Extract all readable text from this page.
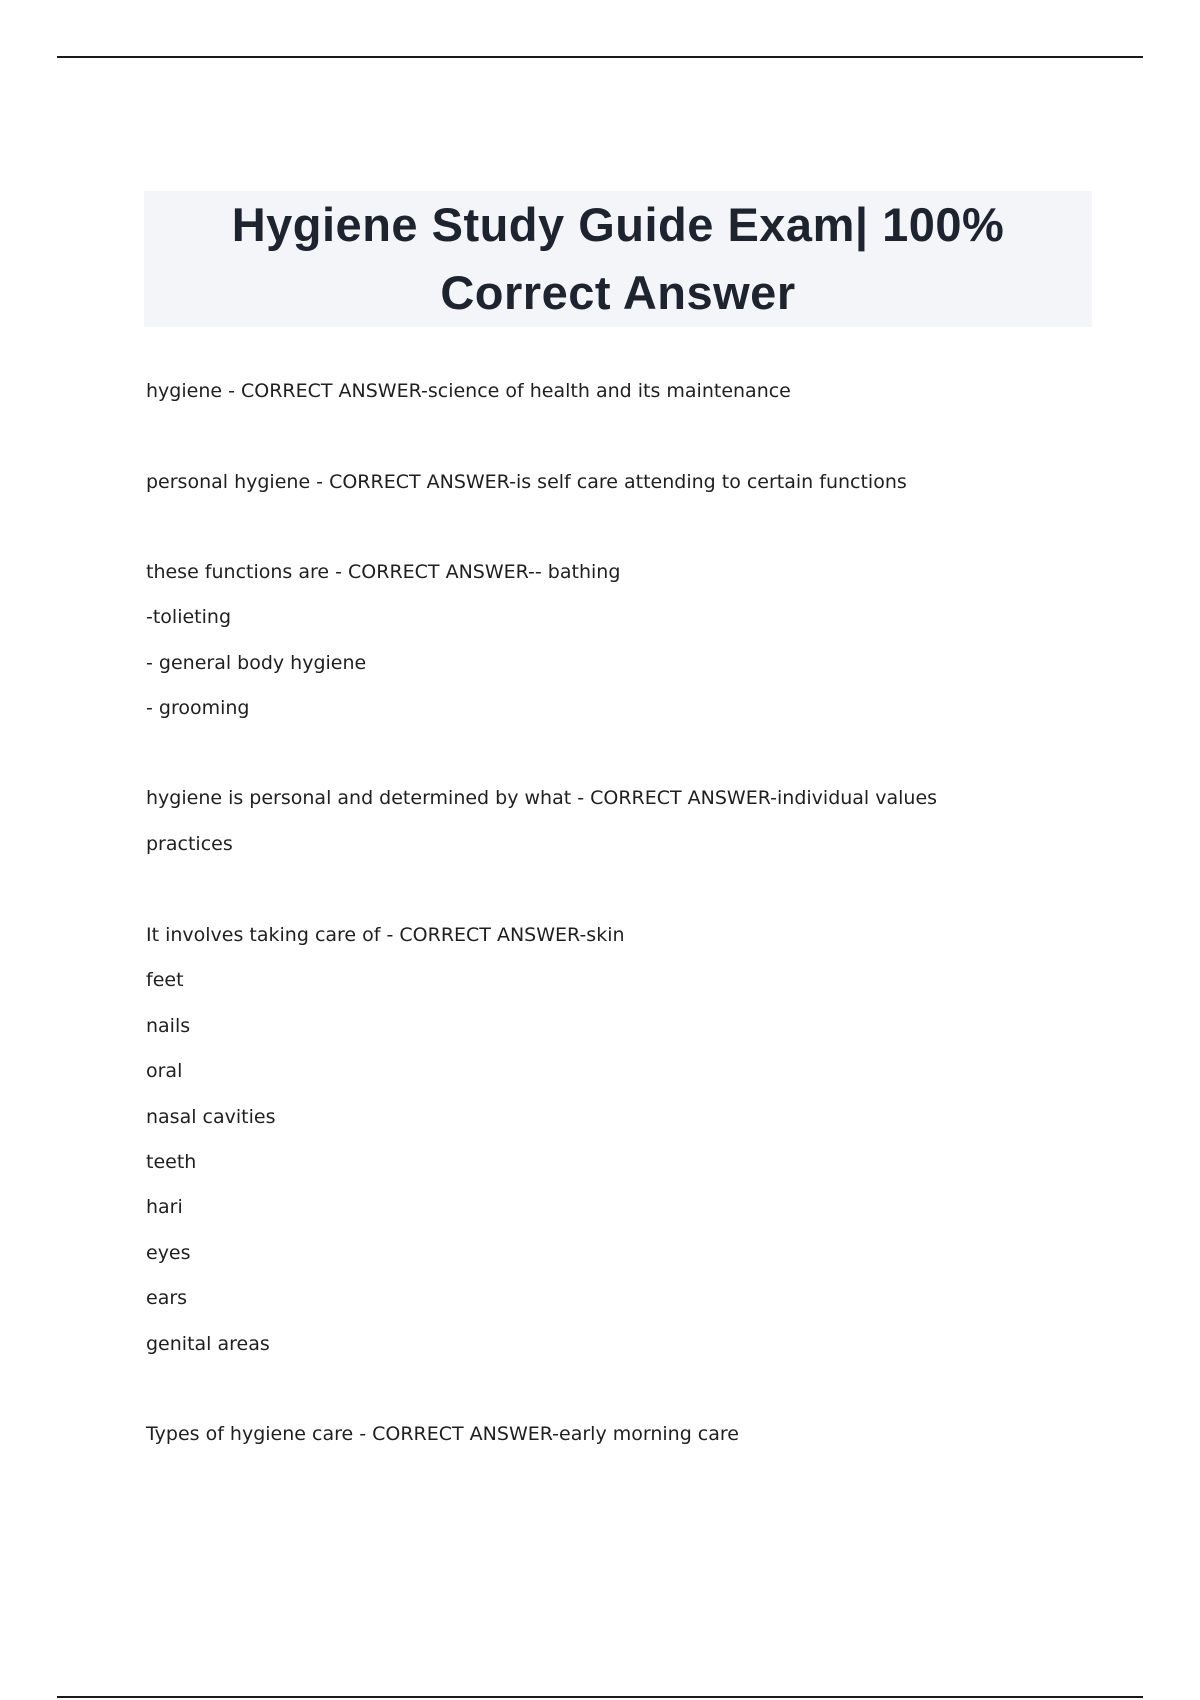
Hygiene Study Guide Exam| 100%
Correct Answer
hygiene - CORRECT ANSWER-science of health and its maintenance
personal hygiene - CORRECT ANSWER-is self care attending to certain functions
these functions are - CORRECT ANSWER-- bathing
-tolieting
- general body hygiene
- grooming
hygiene is personal and determined by what - CORRECT ANSWER-individual values
practices
It involves taking care of - CORRECT ANSWER-skin
feet
nails
oral
nasal cavities
teeth
hari
eyes
ears
genital areas
Types of hygiene care - CORRECT ANSWER-early morning care
